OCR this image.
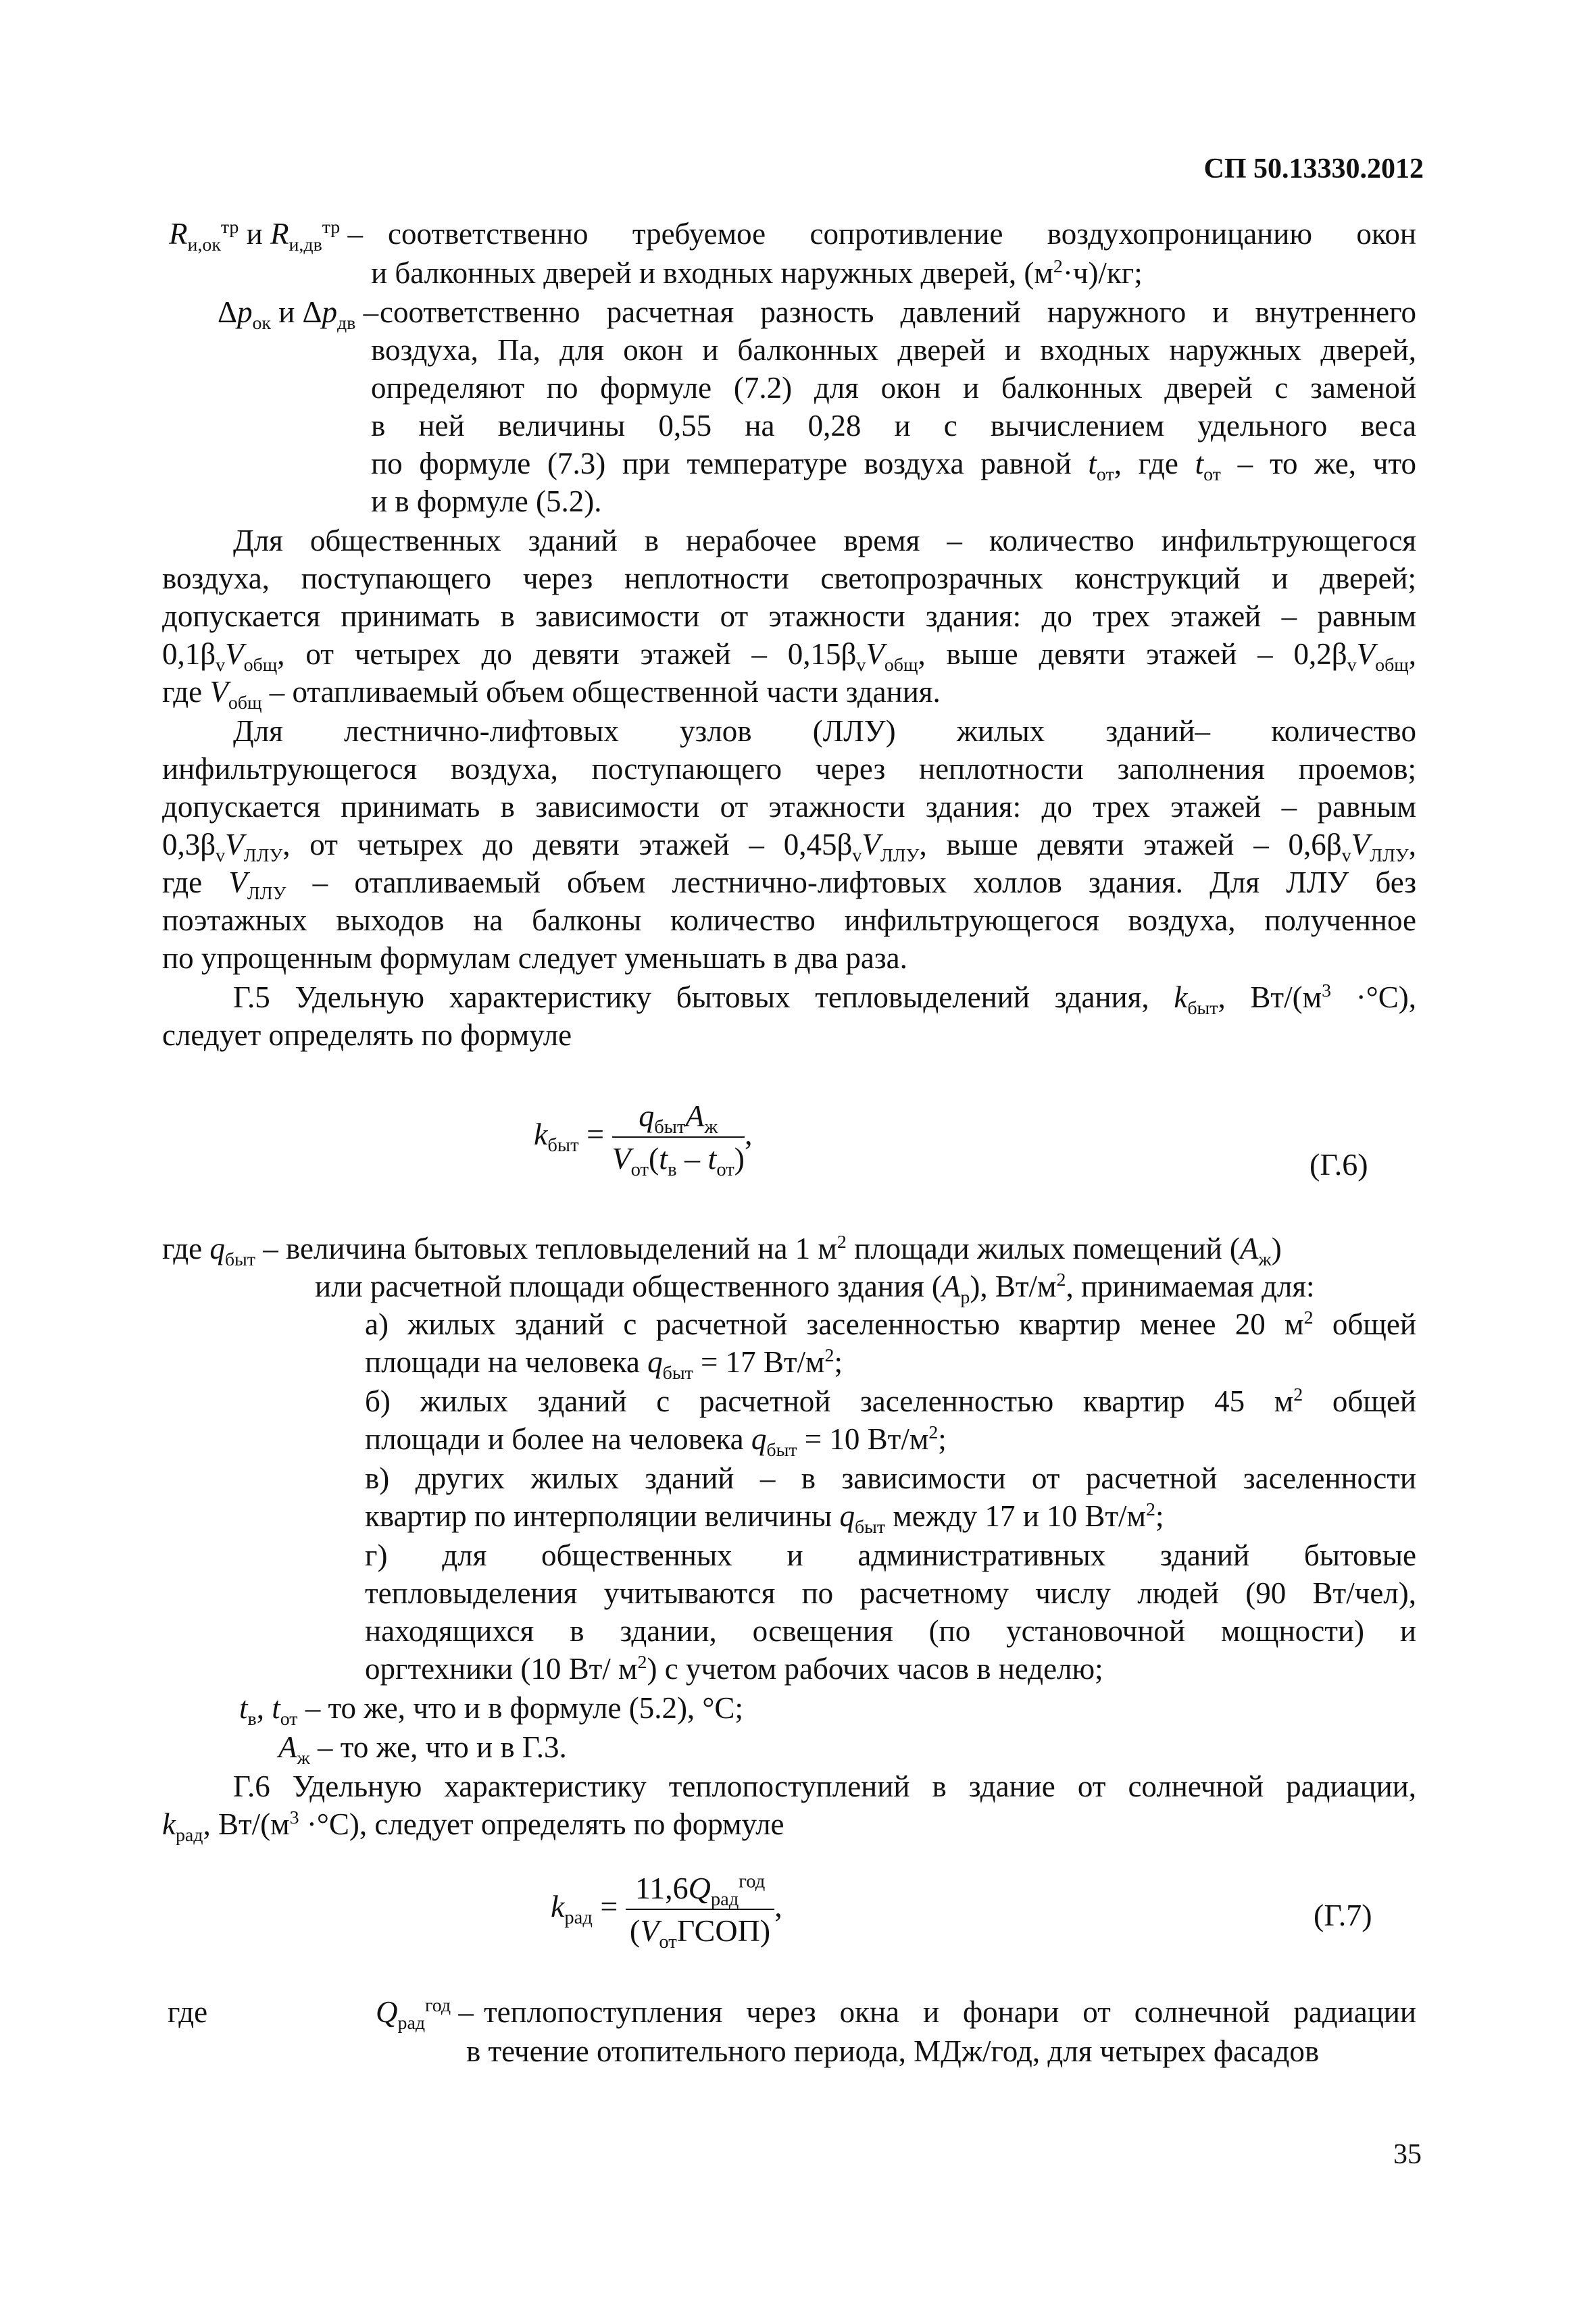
СП 50.13330.2012
$R_{и,ок}^{тр}$ и $R_{и,дв}^{тр}$ – соответственно требуемое сопротивление воздухопроницанию окон
и балконных дверей и входных наружных дверей, $(м^2\cdot ч)/кг$;
$\Delta p_{ок}$ и $\Delta p_{дв}$ – соответственно расчетная разность давлений наружного и внутреннего
воздуха, Па, для окон и балконных дверей и входных наружных дверей,
определяют по формуле (7.2) для окон и балконных дверей с заменой
в ней величины 0,55 на 0,28 и с вычислением удельного веса
по формуле (7.3) при температуре воздуха равной $t_{от}$, где $t_{от}$ – то же, что
и в формуле (5.2).
Для общественных зданий в нерабочее время – количество инфильтрующегося
воздуха, поступающего через неплотности светопрозрачных конструкций и дверей;
допускается принимать в зависимости от этажности здания: до трех этажей – равным
$0,1\beta_vV_{общ}$, от четырех до девяти этажей – $0,15\beta_vV_{общ}$, выше девяти этажей – $0,2\beta_vV_{общ}$,
где $V_{общ}$ – отапливаемый объем общественной части здания.
Для лестнично-лифтовых узлов (ЛЛУ) жилых зданий– количество
инфильтрующегося воздуха, поступающего через неплотности заполнения проемов;
допускается принимать в зависимости от этажности здания: до трех этажей – равным
$0,3\beta_vV_{ЛЛУ}$, от четырех до девяти этажей – $0,45\beta_vV_{ЛЛУ}$, выше девяти этажей – $0,6\beta_vV_{ЛЛУ}$,
где $V_{ЛЛУ}$ – отапливаемый объем лестнично-лифтовых холлов здания. Для ЛЛУ без
поэтажных выходов на балконы количество инфильтрующегося воздуха, полученное
по упрощенным формулам следует уменьшать в два раза.
Г.5 Удельную характеристику бытовых тепловыделений здания, $k_{быт}$, $Вт/(м^3 \cdot^\circ С)$,
следует определять по формуле
$k_{быт} = \frac{q_{быт}A_ж}{V_{от}(t_в - t_{от})}$ ,
(Г.6)
где $q_{быт}$ – величина бытовых тепловыделений на 1 $м^2$ площади жилых помещений $(A_ж)$
или расчетной площади общественного здания $(A_р)$, $Вт/м^2$, принимаемая для:
а) жилых зданий с расчетной заселенностью квартир менее 20 $м^2$ общей
площади на человека $q_{быт} = 17$ $Вт/м^2$;
б) жилых зданий с расчетной заселенностью квартир 45 $м^2$ общей
площади и более на человека $q_{быт} = 10$ $Вт/м^2$;
в) других жилых зданий – в зависимости от расчетной заселенности
квартир по интерполяции величины $q_{быт}$ между 17 и 10 $Вт/м^2$;
г) для общественных и административных зданий бытовые
тепловыделения учитываются по расчетному числу людей (90 Вт/чел),
находящихся в здании, освещения (по установочной мощности) и
оргтехники (10 Вт/ $м^2$) с учетом рабочих часов в неделю;
$t_в$, $t_{от}$ – то же, что и в формуле (5.2), °С;
$A_ж$ – то же, что и в Г.3.
Г.6 Удельную характеристику теплопоступлений в здание от солнечной радиации,
$k_{рад}$, $Вт/(м^3 \cdot^\circ С)$, следует определять по формуле
$k_{рад} = \frac{11,6Q_{рад}^{год}}{(V_{от}ГСОП)}$ ,	(Г.7)
где	$Q_{рад}^{год}$ – теплопоступления через окна и фонари от солнечной радиации
в течение отопительного периода, МДж/год, для четырех фасадов
35
